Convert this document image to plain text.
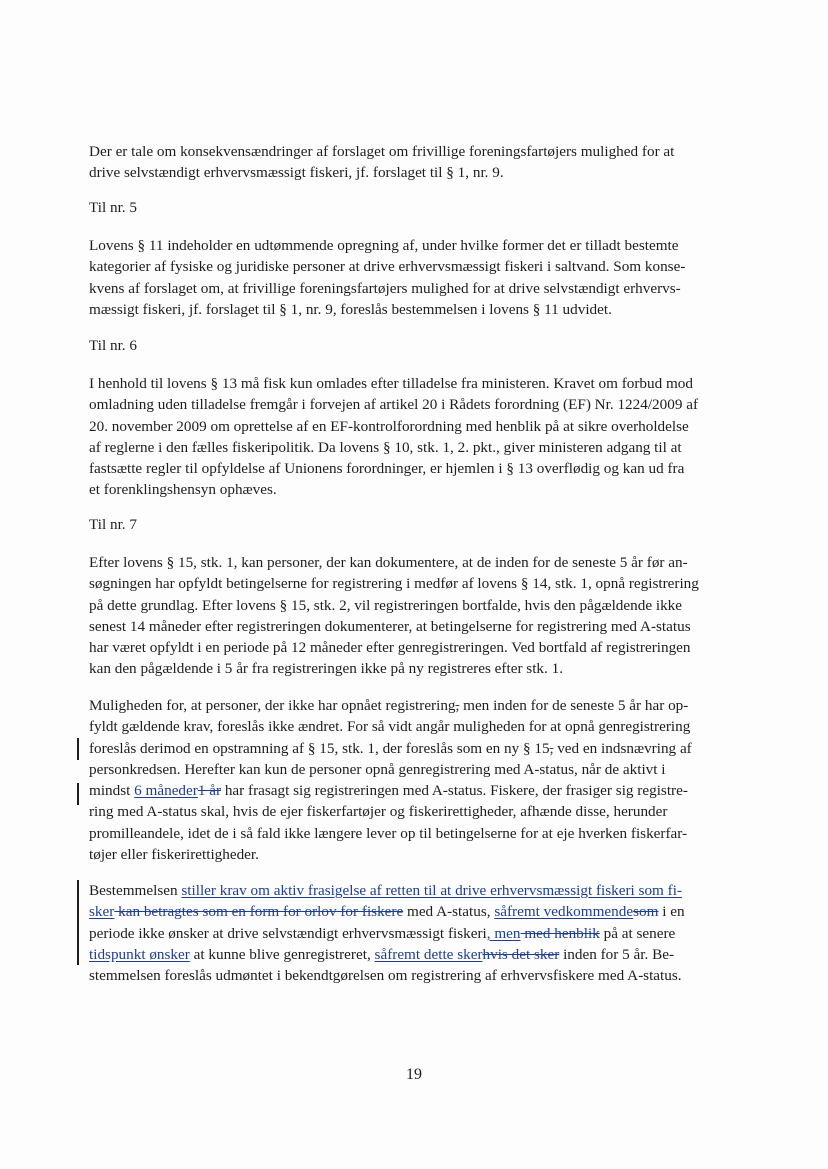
Der er tale om konsekvensændringer af forslaget om frivillige foreningsfartøjers mulighed for at
drive selvstændigt erhvervsmæssigt fiskeri, jf. forslaget til § 1, nr. 9.

Til nr. 5

Lovens § 11 indeholder en udtømmende opregning af, under hvilke former det er tilladt bestemte
kategorier af fysiske og juridiske personer at drive erhvervsmæssigt fiskeri i saltvand. Som konse-
kvens af forslaget om, at frivillige foreningsfartøjers mulighed for at drive selvstændigt erhvervs-
mæssigt fiskeri, jf. forslaget til § 1, nr. 9, foreslås bestemmelsen i lovens § 11 udvidet.

Til nr. 6

I henhold til lovens § 13 må fisk kun omlades efter tilladelse fra ministeren. Kravet om forbud mod
omladning uden tilladelse fremgår i forvejen af artikel 20 i Rådets forordning (EF) Nr. 1224/2009 af
20. november 2009 om oprettelse af en EF-kontrolforordning med henblik på at sikre overholdelse
af reglerne i den fælles fiskeripolitik. Da lovens § 10, stk. 1, 2. pkt., giver ministeren adgang til at
fastsætte regler til opfyldelse af Unionens forordninger, er hjemlen i § 13 overflødig og kan ud fra
et forenklingshensyn ophæves.

Til nr. 7

Efter lovens § 15, stk. 1, kan personer, der kan dokumentere, at de inden for de seneste 5 år før an-
søgningen har opfyldt betingelserne for registrering i medfør af lovens § 14, stk. 1, opnå registrering
på dette grundlag. Efter lovens § 15, stk. 2, vil registreringen bortfalde, hvis den pågældende ikke
senest 14 måneder efter registreringen dokumenterer, at betingelserne for registrering med A-status
har været opfyldt i en periode på 12 måneder efter genregistreringen. Ved bortfald af registreringen
kan den pågældende i 5 år fra registreringen ikke på ny registreres efter stk. 1.

Muligheden for, at personer, der ikke har opnået registrering, men inden for de seneste 5 år har op-
fyldt gældende krav, foreslås ikke ændret. For så vidt angår muligheden for at opnå genregistrering
foreslås derimod en opstramning af § 15, stk. 1, der foreslås som en ny § 15, ved en indsnævring af
personkredsen. Herefter kan kun de personer opnå genregistrering med A-status, når de aktivt i
mindst 6 måneder1 år har frasagt sig registreringen med A-status. Fiskere, der frasiger sig registre-
ring med A-status skal, hvis de ejer fiskerfartøjer og fiskerirettigheder, afhænde disse, herunder
promilleandele, idet de i så fald ikke længere lever op til betingelserne for at eje hverken fiskerfar-
tøjer eller fiskerirettigheder.

Bestemmelsen stiller krav om aktiv frasigelse af retten til at drive erhvervsmæssigt fiskeri som fi-
sker kan betragtes som en form for orlov for fiskere med A-status, såfremt vedkommendesom i en
periode ikke ønsker at drive selvstændigt erhvervsmæssigt fiskeri, men med henblik på at senere
tidspunkt ønsker at kunne blive genregistreret, såfremt dette skerhvis det sker inden for 5 år. Be-
stemmelsen foreslås udmøntet i bekendtgørelsen om registrering af erhvervsfiskere med A-status.

19
